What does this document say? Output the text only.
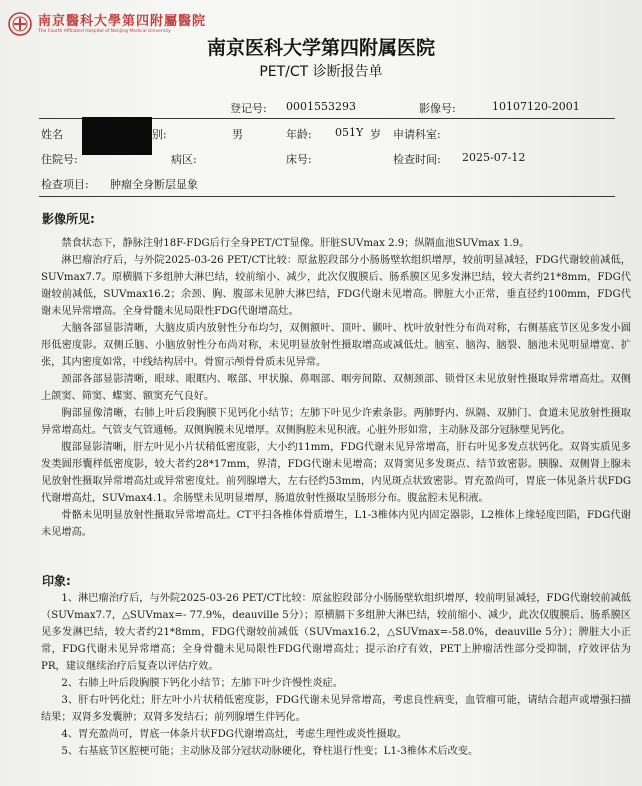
南京醫科大學第四附屬醫院
The Fourth Affiliated Hospital of Nanjing Medical University
南京医科大学第四附属医院
PET/CT 诊断报告单
登记号: 0001553293	影像号:	10107120-2001
姓名	别:	男	年龄: 051Y 岁 申请科室:
住院号:	病区:	床号:	检查时间: 2025-07-12
检查项目: 肿瘤全身断层显象
影像所见:

禁食状态下，静脉注射18F-FDG后行全身PET/CT显像。肝脏SUVmax 2.9；纵隔血池SUVmax 1.9。

淋巴瘤治疗后，与外院2025-03-26 PET/CT比较：原盆腔段部分小肠肠壁软组织增厚，较前明显减轻，FDG代谢较前减低，SUVmax7.7。原横膈下多组肿大淋巴结，较前缩小、减少，此次仅腹膜后、肠系膜区见多发淋巴结，较大者约21*8mm，FDG代谢较前减低，SUVmax16.2；余颈、胸、腹部未见肿大淋巴结，FDG代谢未见增高。脾脏大小正常，垂直径约100mm，FDG代谢未见异常增高。全身骨髓未见局限性FDG代谢增高灶。

大脑各部显影清晰，大脑皮质内放射性分布均匀，双侧额叶、顶叶、颞叶、枕叶放射性分布尚对称，右侧基底节区见多发小圆形低密度影。双侧丘脑、小脑放射性分布尚对称，未见明显放射性摄取增高或减低灶。脑室、脑沟、脑裂、脑池未见明显增宽、扩张，其内密度如常，中线结构居中。骨窗示颅骨骨质未见异常。

颈部各部显影清晰，眼球、眼眶内、喉部、甲状腺、鼻咽部、咽旁间隙、双侧颈部、锁骨区未见放射性摄取异常增高灶。双侧上颌窦、筛窦、蝶窦、额窦充气良好。

胸部显像清晰，右肺上叶后段胸膜下见钙化小结节；左肺下叶见少许索条影。两肺野内、纵隔、双肺门、食道未见放射性摄取异常增高灶。气管支气管通畅。双侧胸膜未见增厚。双侧胸腔未见积液。心脏外形如常，主动脉及部分冠脉壁见钙化。

腹部显影清晰，肝左叶见小片状稍低密度影，大小约11mm，FDG代谢未见异常增高，肝右叶见多发点状钙化。双肾实质见多发类圆形囊样低密度影，较大者约28*17mm，界清，FDG代谢未见增高；双肾窦见多发斑点、结节致密影。胰腺、双侧肾上腺未见放射性摄取异常增高灶或异常密度灶。前列腺增大，左右径约53mm，内见斑点状致密影。胃充盈尚可，胃底一体见条片状FDG代谢增高灶，SUVmax4.1。余肠壁未见明显增厚，肠道放射性摄取呈肠形分布。腹盆腔未见积液。

骨骼未见明显放射性摄取异常增高灶。CT平扫各椎体骨质增生，L1-3椎体内见内固定器影，L2椎体上缘轻度凹陷，FDG代谢未见增高。

印象:

1、淋巴瘤治疗后，与外院2025-03-26 PET/CT比较：原盆腔段部分小肠肠壁软组织增厚，较前明显减轻，FDG代谢较前减低（SUVmax7.7，△SUVmax=- 77.9%，deauville 5分）；原横膈下多组肿大淋巴结，较前缩小、减少，此次仅腹膜后、肠系膜区见多发淋巴结，较大者约21*8mm，FDG代谢较前减低（SUVmax16.2，△SUVmax=-58.0%，deauville 5分）；脾脏大小正常，FDG代谢未见异常增高；全身骨髓未见局限性FDG代谢增高灶；提示治疗有效，PET上肿瘤活性部分受抑制，疗效评估为PR，建议继续治疗后复查以评估疗效。

2、右肺上叶后段胸膜下钙化小结节；左肺下叶少许慢性炎症。

3、肝右叶钙化灶；肝左叶小片状稍低密度影，FDG代谢未见异常增高，考虑良性病变，血管瘤可能，请结合超声或增强扫描结果；双肾多发囊肿；双肾多发结石；前列腺增生伴钙化。

4、胃充盈尚可，胃底一体条片状FDG代谢增高灶，考虑生理性或炎性摄取。

5、右基底节区腔梗可能；主动脉及部分冠状动脉硬化，脊柱退行性变；L1-3椎体术后改变。
